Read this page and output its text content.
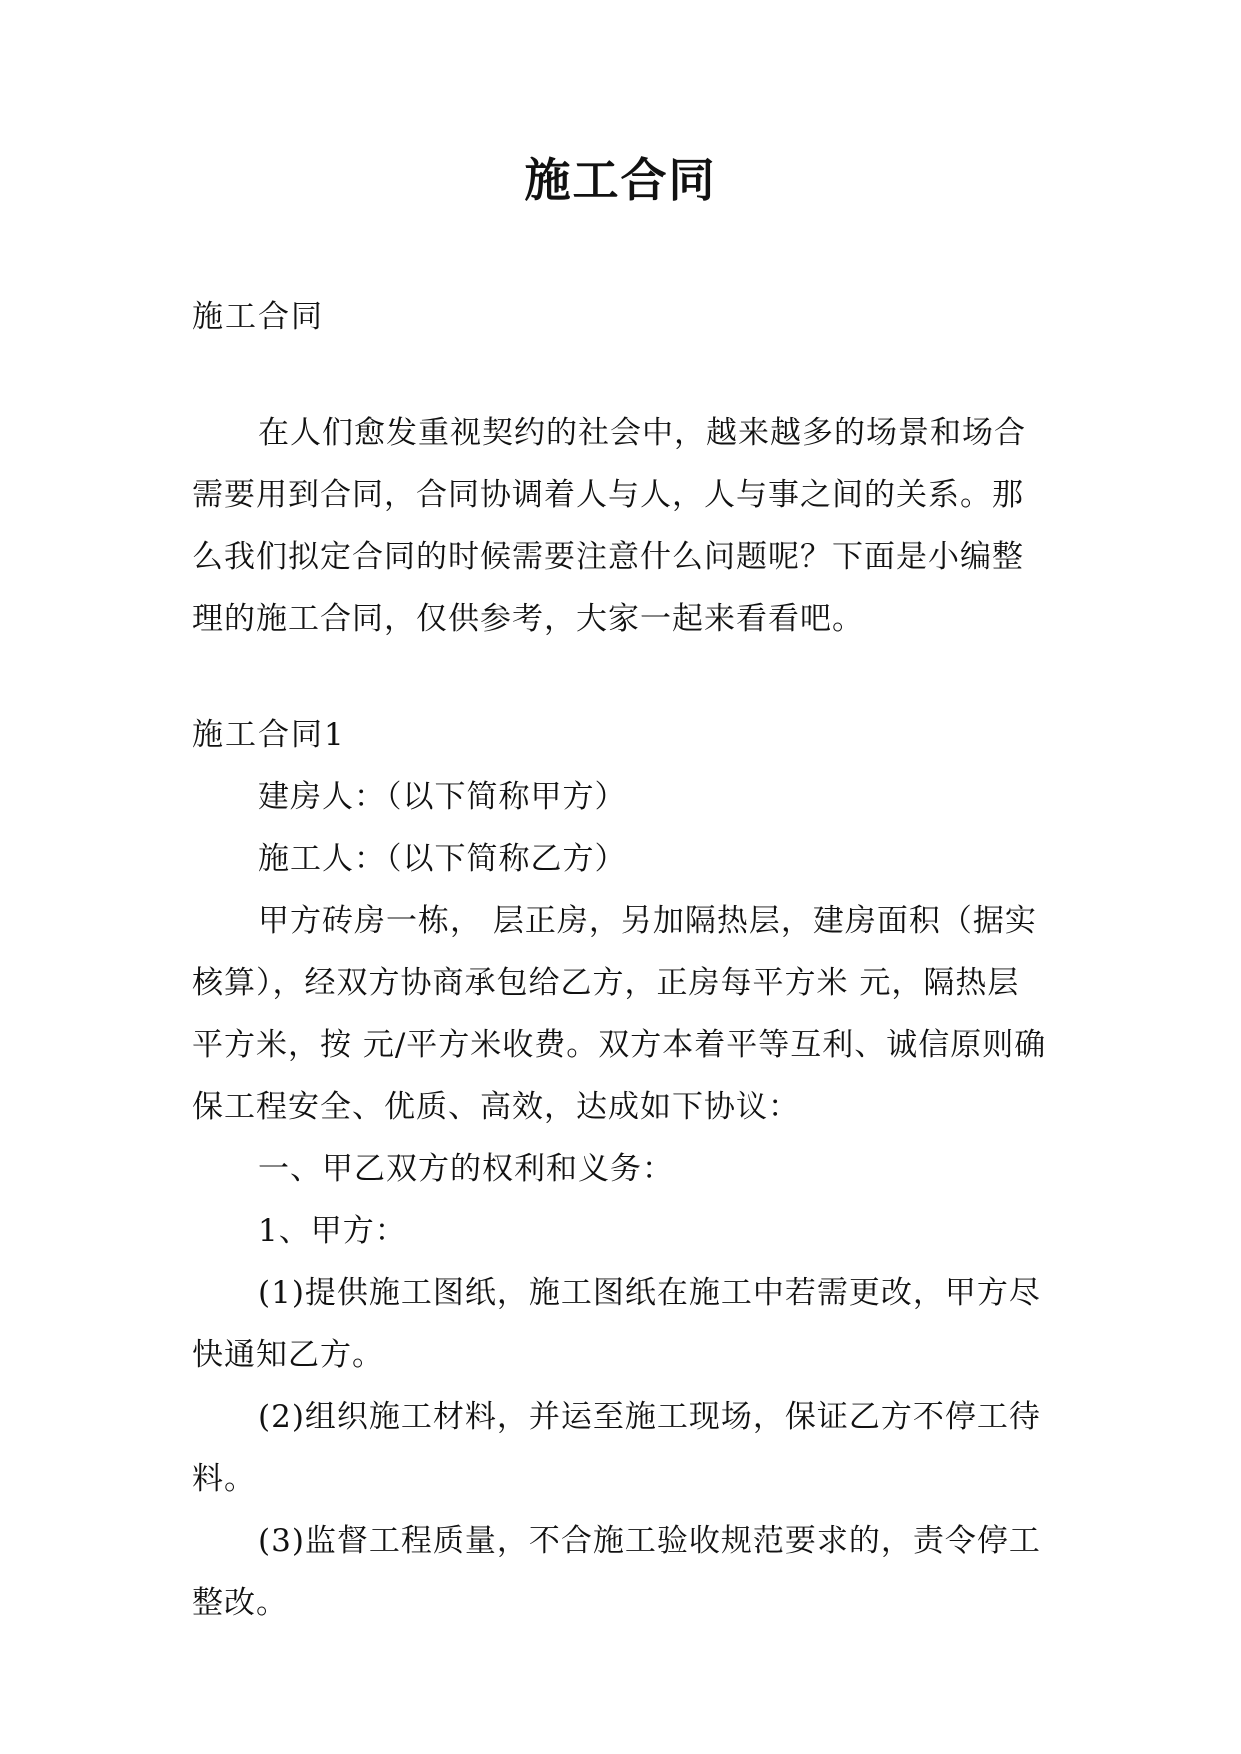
施工合同

施工合同

在人们愈发重视契约的社会中，越来越多的场景和场合需要用到合同，合同协调着人与人，人与事之间的关系。那么我们拟定合同的时候需要注意什么问题呢？下面是小编整理的施工合同，仅供参考，大家一起来看看吧。

施工合同1

建房人：（以下简称甲方）

施工人：（以下简称乙方）

甲方砖房一栋， 层正房，另加隔热层，建房面积（据实核算），经双方协商承包给乙方，正房每平方米 元，隔热层 平方米，按 元/平方米收费。双方本着平等互利、诚信原则确保工程安全、优质、高效，达成如下协议：

一、甲乙双方的权利和义务：

1、甲方：

(1)提供施工图纸，施工图纸在施工中若需更改，甲方尽快通知乙方。

(2)组织施工材料，并运至施工现场，保证乙方不停工待料。

(3)监督工程质量，不合施工验收规范要求的，责令停工整改。
